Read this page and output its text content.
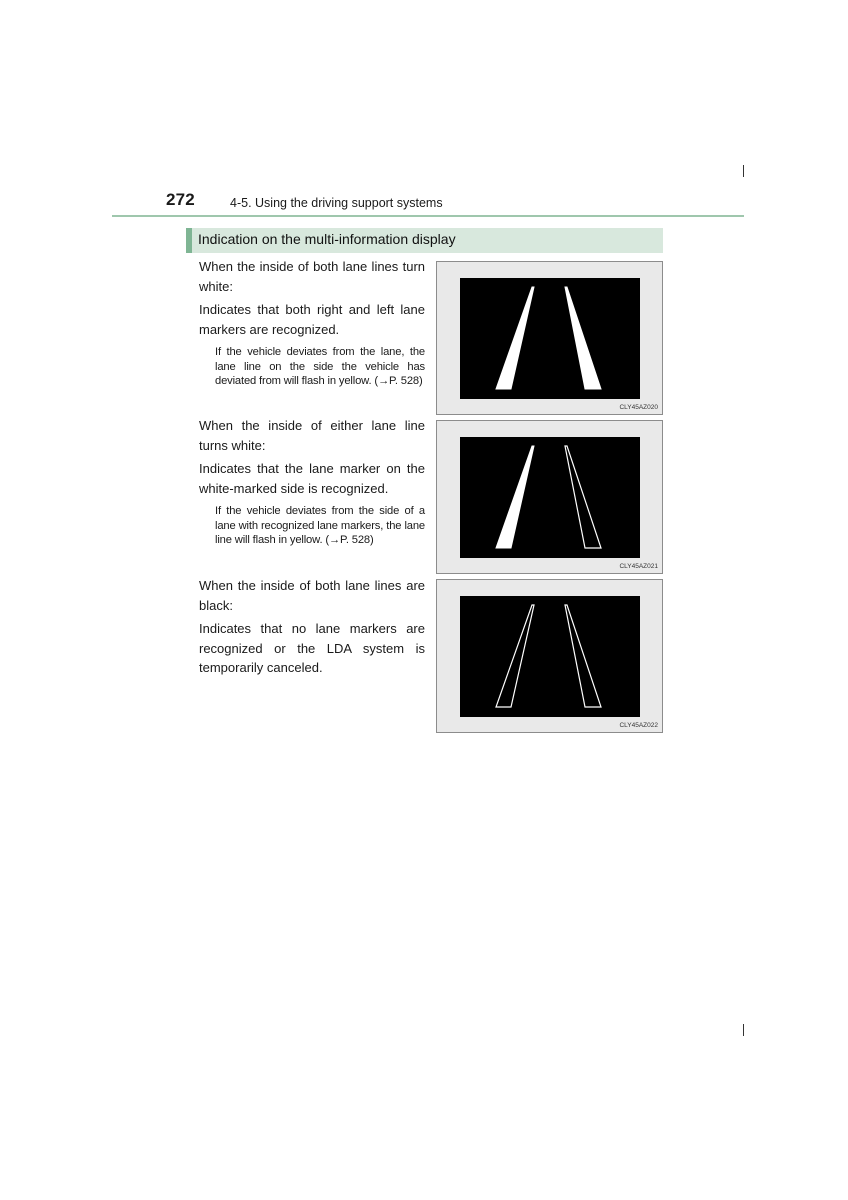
272	4-5. Using the driving support systems
Indication on the multi-information display

When the inside of both lane lines turn white:

Indicates that both right and left lane markers are recognized.

If the vehicle deviates from the lane, the lane line on the side the vehicle has deviated from will flash in yellow. (→P. 528)

CLY45AZ020

When the inside of either lane line turns white:

Indicates that the lane marker on the white-marked side is recognized.

If the vehicle deviates from the side of a lane with recognized lane markers, the lane line will flash in yellow. (→P. 528)

CLY45AZ021

When the inside of both lane lines are black:

Indicates that no lane markers are recognized or the LDA system is temporarily canceled.

CLY45AZ022
